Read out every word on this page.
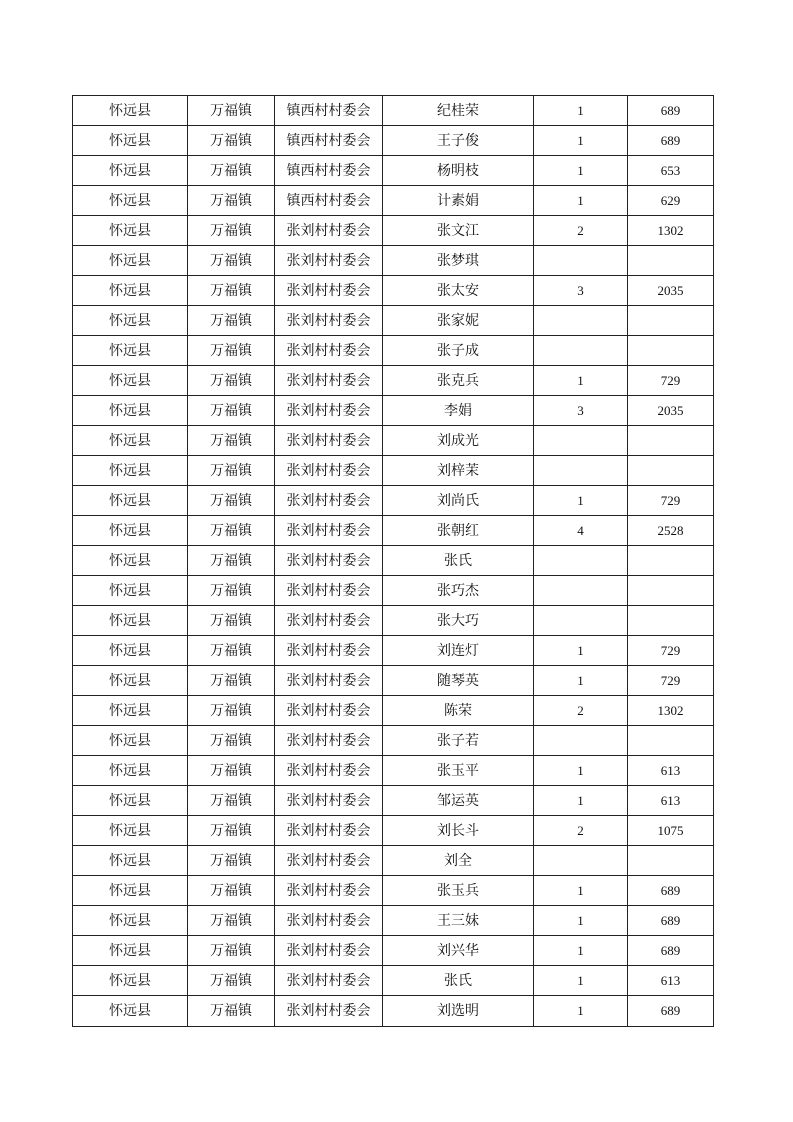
怀远县	万福镇	镇西村村委会	纪桂荣	1	689
怀远县	万福镇	镇西村村委会	王子俊	1	689
怀远县	万福镇	镇西村村委会	杨明枝	1	653
怀远县	万福镇	镇西村村委会	计素娟	1	629
怀远县	万福镇	张刘村村委会	张文江	2	1302
怀远县	万福镇	张刘村村委会	张梦琪		
怀远县	万福镇	张刘村村委会	张太安	3	2035
怀远县	万福镇	张刘村村委会	张家妮		
怀远县	万福镇	张刘村村委会	张子成		
怀远县	万福镇	张刘村村委会	张克兵	1	729
怀远县	万福镇	张刘村村委会	李娟	3	2035
怀远县	万福镇	张刘村村委会	刘成光		
怀远县	万福镇	张刘村村委会	刘梓茉		
怀远县	万福镇	张刘村村委会	刘尚氏	1	729
怀远县	万福镇	张刘村村委会	张朝红	4	2528
怀远县	万福镇	张刘村村委会	张氏		
怀远县	万福镇	张刘村村委会	张巧杰		
怀远县	万福镇	张刘村村委会	张大巧		
怀远县	万福镇	张刘村村委会	刘连灯	1	729
怀远县	万福镇	张刘村村委会	随琴英	1	729
怀远县	万福镇	张刘村村委会	陈荣	2	1302
怀远县	万福镇	张刘村村委会	张子若		
怀远县	万福镇	张刘村村委会	张玉平	1	613
怀远县	万福镇	张刘村村委会	邹运英	1	613
怀远县	万福镇	张刘村村委会	刘长斗	2	1075
怀远县	万福镇	张刘村村委会	刘全		
怀远县	万福镇	张刘村村委会	张玉兵	1	689
怀远县	万福镇	张刘村村委会	王三妹	1	689
怀远县	万福镇	张刘村村委会	刘兴华	1	689
怀远县	万福镇	张刘村村委会	张氏	1	613
怀远县	万福镇	张刘村村委会	刘选明	1	689
